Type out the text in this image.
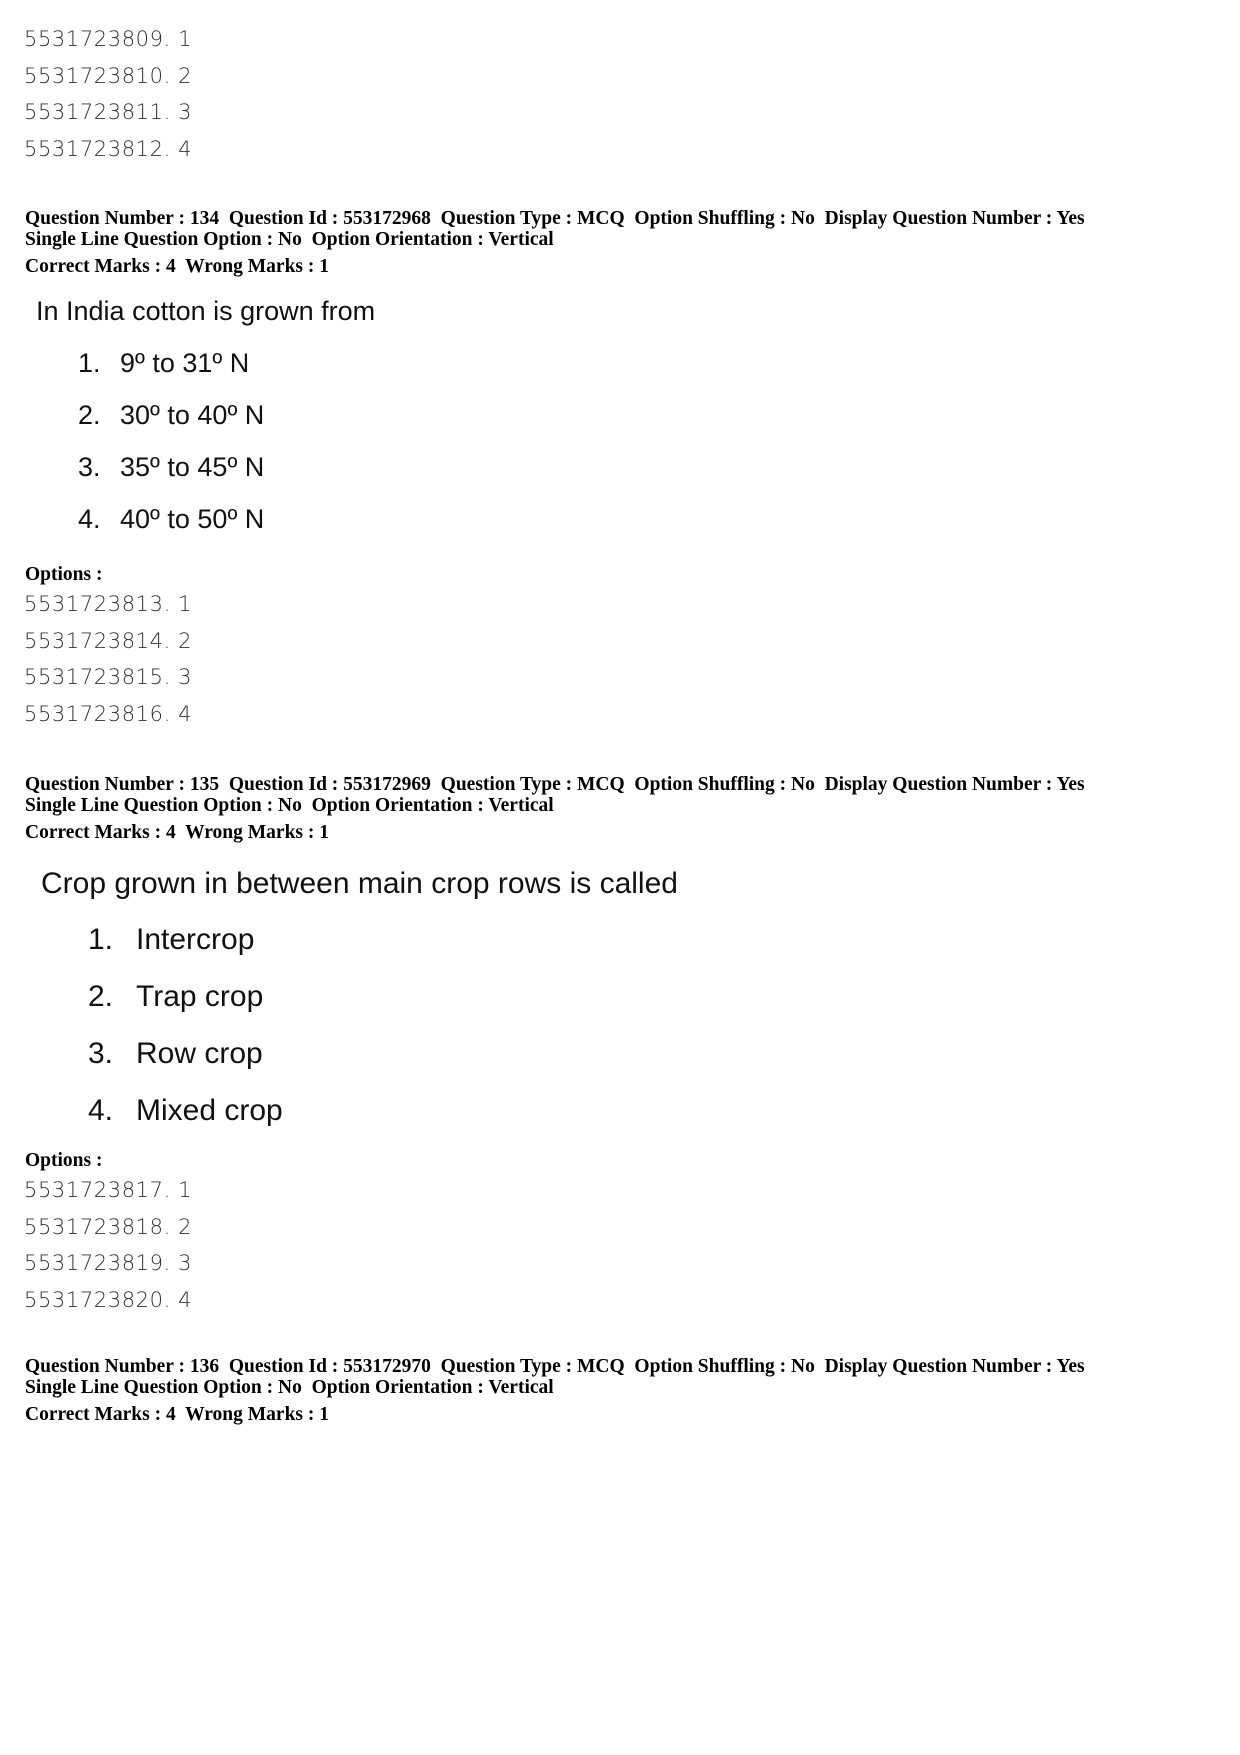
5531723809. 1
5531723810. 2
5531723811. 3
5531723812. 4
Question Number : 134  Question Id : 553172968  Question Type : MCQ  Option Shuffling : No  Display Question Number : Yes
Single Line Question Option : No  Option Orientation : Vertical
Correct Marks : 4  Wrong Marks : 1
In India cotton is grown from
1. 9º to 31º N
2. 30º to 40º N
3. 35º to 45º N
4. 40º to 50º N
Options :
5531723813. 1
5531723814. 2
5531723815. 3
5531723816. 4
Question Number : 135  Question Id : 553172969  Question Type : MCQ  Option Shuffling : No  Display Question Number : Yes
Single Line Question Option : No  Option Orientation : Vertical
Correct Marks : 4  Wrong Marks : 1
Crop grown in between main crop rows is called
1. Intercrop
2. Trap crop
3. Row crop
4. Mixed crop
Options :
5531723817. 1
5531723818. 2
5531723819. 3
5531723820. 4
Question Number : 136  Question Id : 553172970  Question Type : MCQ  Option Shuffling : No  Display Question Number : Yes
Single Line Question Option : No  Option Orientation : Vertical
Correct Marks : 4  Wrong Marks : 1
